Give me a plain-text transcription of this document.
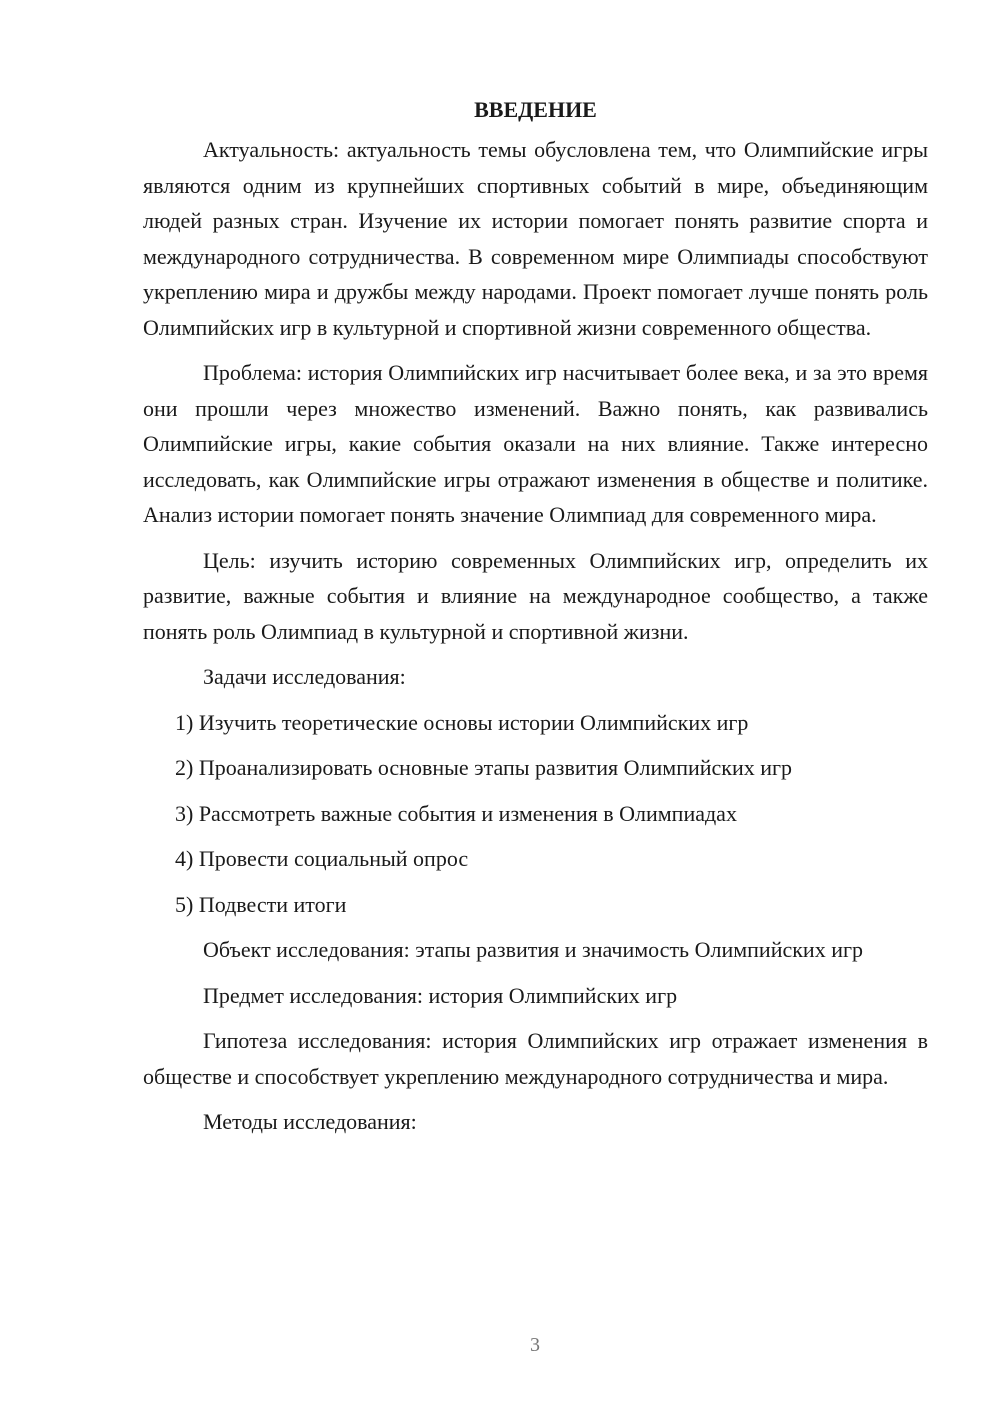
ВВЕДЕНИЕ

Актуальность: актуальность темы обусловлена тем, что Олимпийские игры являются одним из крупнейших спортивных событий в мире, объединяющим людей разных стран. Изучение их истории помогает понять развитие спорта и международного сотрудничества. В современном мире Олимпиады способствуют укреплению мира и дружбы между народами. Проект помогает лучше понять роль Олимпийских игр в культурной и спортивной жизни современного общества.

Проблема: история Олимпийских игр насчитывает более века, и за это время они прошли через множество изменений. Важно понять, как развивались Олимпийские игры, какие события оказали на них влияние. Также интересно исследовать, как Олимпийские игры отражают изменения в обществе и политике. Анализ истории помогает понять значение Олимпиад для современного мира.

Цель: изучить историю современных Олимпийских игр, определить их развитие, важные события и влияние на международное сообщество, а также понять роль Олимпиад в культурной и спортивной жизни.

Задачи исследования:

1) Изучить теоретические основы истории Олимпийских игр
2) Проанализировать основные этапы развития Олимпийских игр
3) Рассмотреть важные события и изменения в Олимпиадах
4) Провести социальный опрос
5) Подвести итоги

Объект исследования: этапы развития и значимость Олимпийских игр

Предмет исследования: история Олимпийских игр

Гипотеза исследования: история Олимпийских игр отражает изменения в обществе и способствует укреплению международного сотрудничества и мира.

Методы исследования:

3
